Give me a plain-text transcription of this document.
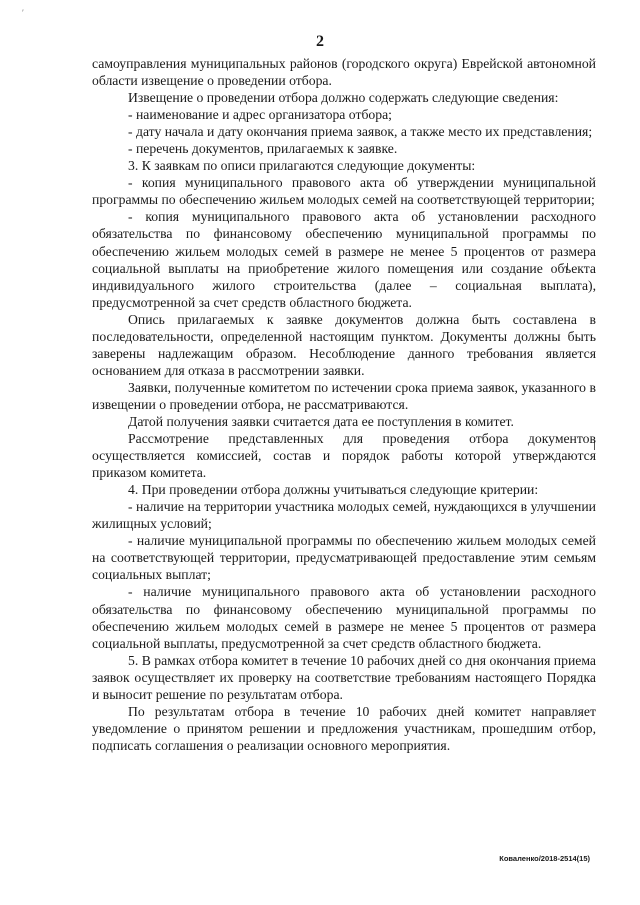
′
2

самоуправления муниципальных районов (городского округа) Еврейской автономной области извещение о проведении отбора.

Извещение о проведении отбора должно содержать следующие сведения:

- наименование и адрес организатора отбора;

- дату начала и дату окончания приема заявок, а также место их представления;

- перечень документов, прилагаемых к заявке.

3. К заявкам по описи прилагаются следующие документы:

- копия муниципального правового акта об утверждении муниципальной программы по обеспечению жильем молодых семей на соответствующей территории;

- копия муниципального правового акта об установлении расходного обязательства по финансовому обеспечению муниципальной программы по обеспечению жильем молодых семей в размере не менее 5 процентов от размера социальной выплаты на приобретение жилого помещения или создание объекта индивидуального жилого строительства (далее – социальная выплата), предусмотренной за счет средств областного бюджета.

Опись прилагаемых к заявке документов должна быть составлена в последовательности, определенной настоящим пунктом. Документы должны быть заверены надлежащим образом. Несоблюдение данного требования является основанием для отказа в рассмотрении заявки.

Заявки, полученные комитетом по истечении срока приема заявок, указанного в извещении о проведении отбора, не рассматриваются.

Датой получения заявки считается дата ее поступления в комитет.

Рассмотрение представленных для проведения отбора документов осуществляется комиссией, состав и порядок работы которой утверждаются приказом комитета.

4. При проведении отбора должны учитываться следующие критерии:

- наличие на территории участника молодых семей, нуждающихся в улучшении жилищных условий;

- наличие муниципальной программы по обеспечению жильем молодых семей на соответствующей территории, предусматривающей предоставление этим семьям социальных выплат;

- наличие муниципального правового акта об установлении расходного обязательства по финансовому обеспечению муниципальной программы по обеспечению жильем молодых семей в размере не менее 5 процентов от размера социальной выплаты, предусмотренной за счет средств областного бюджета.

5. В рамках отбора комитет в течение 10 рабочих дней со дня окончания приема заявок осуществляет их проверку на соответствие требованиям настоящего Порядка и выносит решение по результатам отбора.

По результатам отбора в течение 10 рабочих дней комитет направляет уведомление о принятом решении и предложения участникам, прошедшим отбор, подписать соглашения о реализации основного мероприятия.

Коваленко/2018-2514(15)
